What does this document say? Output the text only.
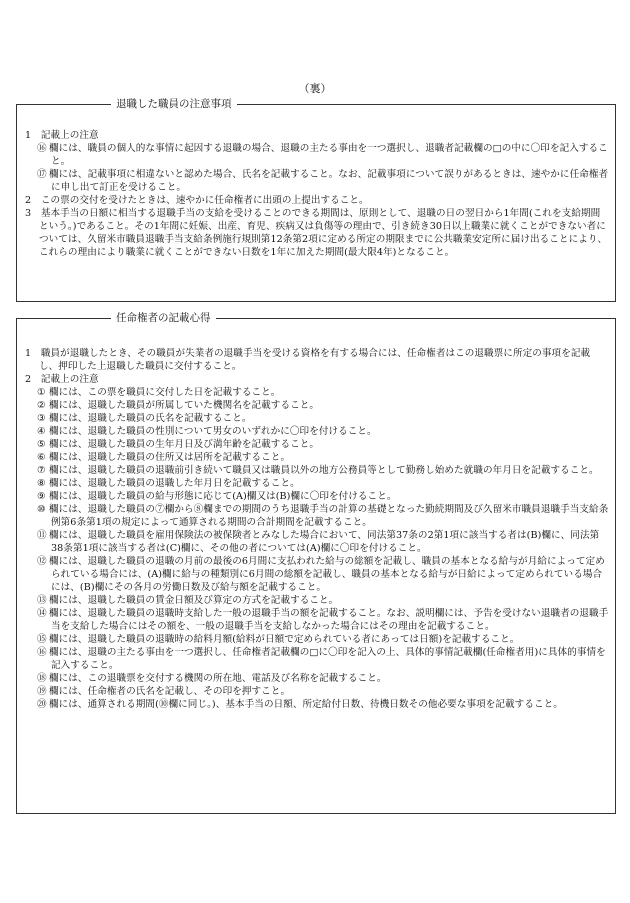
（裏）
退職した職員の注意事項

1　 記載上の注意

⑯ 欄には、職員の個人的な事情に起因する退職の場合、退職の主たる事由を一つ選択し、退職者記載欄の□の中に〇印を記入すること。

⑰ 欄には、記載事項に相違ないと認めた場合、氏名を記載すること。なお、記載事項について誤りがあるときは、速やかに任命権者に申し出て訂正を受けること。

2　 この票の交付を受けたときは、速やかに任命権者に出頭の上提出すること。

3　 基本手当の日額に相当する退職手当の支給を受けることのできる期間は、原則として、退職の日の翌日から1年間(これを支給期間という。)であること。その1年間に妊娠、出産、育児、疾病又は負傷等の理由で、引き続き30日以上職業に就くことができない者については、久留米市職員退職手当支給条例施行規則第12条第2項に定める所定の期限までに公共職業安定所に届け出ることにより、これらの理由により職業に就くことができない日数を1年に加えた期間(最大限4年)となること。

任命権者の記載心得

1　 職員が退職したとき、その職員が失業者の退職手当を受ける資格を有する場合には、任命権者はこの退職票に所定の事項を記載し、押印した上退職した職員に交付すること。

2　 記載上の注意

① 欄には、この票を職員に交付した日を記載すること。

② 欄には、退職した職員が所属していた機関名を記載すること。

③ 欄には、退職した職員の氏名を記載すること。

④ 欄には、退職した職員の性別について男女のいずれかに〇印を付けること。

⑤ 欄には、退職した職員の生年月日及び満年齢を記載すること。

⑥ 欄には、退職した職員の住所又は居所を記載すること。

⑦ 欄には、退職した職員の退職前引き続いて職員又は職員以外の地方公務員等として勤務し始めた就職の年月日を記載すること。

⑧ 欄には、退職した職員の退職した年月日を記載すること。

⑨ 欄には、退職した職員の給与形態に応じて(A)欄又は(B)欄に〇印を付けること。

⑩ 欄には、退職した職員の⑦欄から⑧欄までの期間のうち退職手当の計算の基礎となった勤続期間及び久留米市職員退職手当支給条例第6条第1項の規定によって通算される期間の合計期間を記載すること。

⑪ 欄には、退職した職員を雇用保険法の被保険者とみなした場合において、同法第37条の2第1項に該当する者は(B)欄に、同法第38条第1項に該当する者は(C)欄に、その他の者については(A)欄に〇印を付けること。

⑫ 欄には、退職した職員の退職の月前の最後の6月間に支払われた給与の総額を記載し、職員の基本となる給与が月給によって定められている場合には、(A)欄に給与の種類別に6月間の総額を記載し、職員の基本となる給与が日給によって定められている場合には、(B)欄にその各月の労働日数及び給与額を記載すること。

⑬ 欄には、退職した職員の賃金日額及び算定の方式を記載すること。

⑭ 欄には、退職した職員の退職時支給した一般の退職手当の額を記載すること。なお、説明欄には、予告を受けない退職者の退職手当を支給した場合にはその額を、一般の退職手当を支給しなかった場合にはその理由を記載すること。

⑮ 欄には、退職した職員の退職時の給料月額(給料が日額で定められている者にあっては日額)を記載すること。

⑯ 欄には、退職の主たる事由を一つ選択し、任命権者記載欄の□に〇印を記入の上、具体的事情記載欄(任命権者用)に具体的事情を記入すること。

⑱ 欄には、この退職票を交付する機関の所在地、電話及び名称を記載すること。

⑲ 欄には、任命権者の氏名を記載し、その印を押すこと。

⑳ 欄には、通算される期間(⑩欄に同じ。)、基本手当の日額、所定給付日数、待機日数その他必要な事項を記載すること。
